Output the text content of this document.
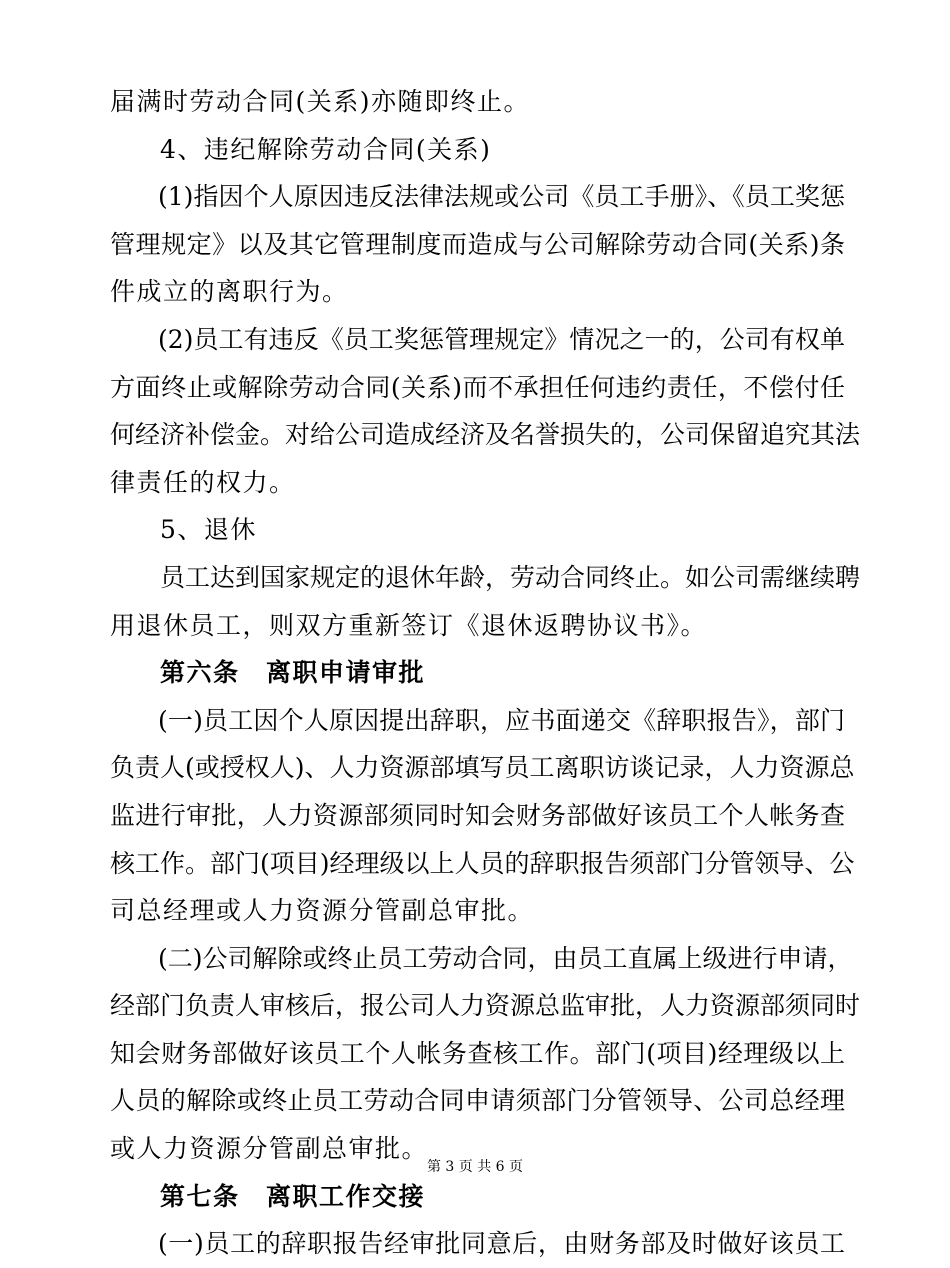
届满时劳动合同(关系)亦随即终止。
4、违纪解除劳动合同(关系)
(1)指因个人原因违反法律法规或公司《员工手册》、《员工奖惩
管理规定》以及其它管理制度而造成与公司解除劳动合同(关系)条
件成立的离职行为。
(2)员工有违反《员工奖惩管理规定》情况之一的，公司有权单
方面终止或解除劳动合同(关系)而不承担任何违约责任，不偿付任
何经济补偿金。对给公司造成经济及名誉损失的，公司保留追究其法
律责任的权力。
5、退休
员工达到国家规定的退休年龄，劳动合同终止。如公司需继续聘
用退休员工，则双方重新签订《退休返聘协议书》。
第六条　离职申请审批
(一)员工因个人原因提出辞职，应书面递交《辞职报告》，部门
负责人(或授权人)、人力资源部填写员工离职访谈记录，人力资源总
监进行审批，人力资源部须同时知会财务部做好该员工个人帐务查
核工作。部门(项目)经理级以上人员的辞职报告须部门分管领导、公
司总经理或人力资源分管副总审批。
(二)公司解除或终止员工劳动合同，由员工直属上级进行申请，
经部门负责人审核后，报公司人力资源总监审批，人力资源部须同时
知会财务部做好该员工个人帐务查核工作。部门(项目)经理级以上
人员的解除或终止员工劳动合同申请须部门分管领导、公司总经理
或人力资源分管副总审批。
第七条　离职工作交接
(一)员工的辞职报告经审批同意后，由财务部及时做好该员工
第 3 页 共 6 页
